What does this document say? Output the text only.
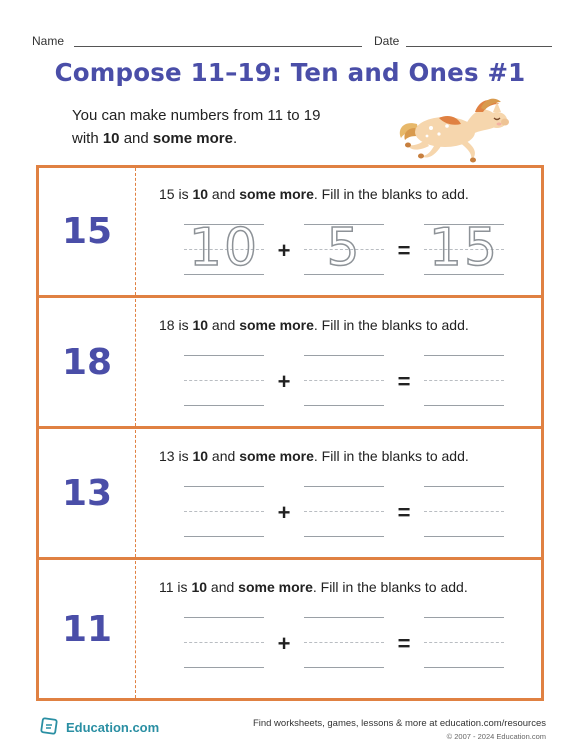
Name	Date
Compose 11–19: Ten and Ones #1
You can make numbers from 11 to 19
with 10 and some more.
15
15 is 10 and some more. Fill in the blanks to add.
10 + 5	= 15
18
18 is 10 and some more. Fill in the blanks to add.
+	=
13
13 is 10 and some more. Fill in the blanks to add.
+	=
11
11 is 10 and some more. Fill in the blanks to add.
+	=
Education.com	Find worksheets, games, lessons & more at education.com/resources
© 2007 - 2024 Education.com
